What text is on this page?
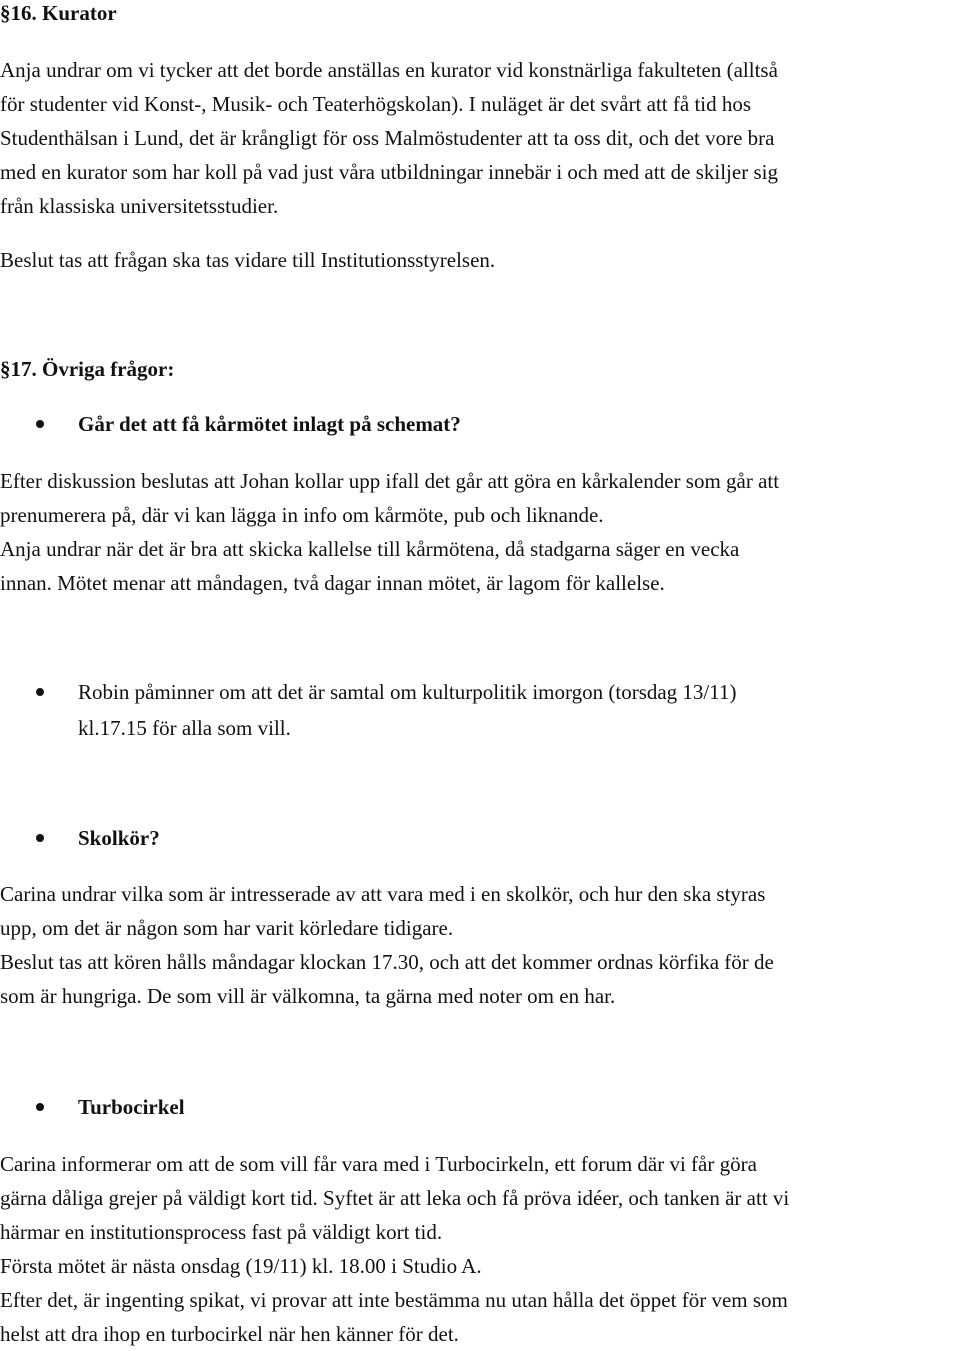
§16. Kurator
Anja undrar om vi tycker att det borde anställas en kurator vid konstnärliga fakulteten (alltså
för studenter vid Konst-, Musik- och Teaterhögskolan). I nuläget är det svårt att få tid hos
Studenthälsan i Lund, det är krångligt för oss Malmöstudenter att ta oss dit, och det vore bra
med en kurator som har koll på vad just våra utbildningar innebär i och med att de skiljer sig
från klassiska universitetsstudier.
Beslut tas att frågan ska tas vidare till Institutionsstyrelsen.
§17. Övriga frågor:
Går det att få kårmötet inlagt på schemat?
Efter diskussion beslutas att Johan kollar upp ifall det går att göra en kårkalender som går att
prenumerera på, där vi kan lägga in info om kårmöte, pub och liknande.
Anja undrar när det är bra att skicka kallelse till kårmötena, då stadgarna säger en vecka
innan. Mötet menar att måndagen, två dagar innan mötet, är lagom för kallelse.
Robin påminner om att det är samtal om kulturpolitik imorgon (torsdag 13/11)
kl.17.15 för alla som vill.
Skolkör?
Carina undrar vilka som är intresserade av att vara med i en skolkör, och hur den ska styras
upp, om det är någon som har varit körledare tidigare.
Beslut tas att kören hålls måndagar klockan 17.30, och att det kommer ordnas körfika för de
som är hungriga. De som vill är välkomna, ta gärna med noter om en har.
Turbocirkel
Carina informerar om att de som vill får vara med i Turbocirkeln, ett forum där vi får göra
gärna dåliga grejer på väldigt kort tid. Syftet är att leka och få pröva idéer, och tanken är att vi
härmar en institutionsprocess fast på väldigt kort tid.
Första mötet är nästa onsdag (19/11) kl. 18.00 i Studio A.
Efter det, är ingenting spikat, vi provar att inte bestämma nu utan hålla det öppet för vem som
helst att dra ihop en turbocirkel när hen känner för det.
